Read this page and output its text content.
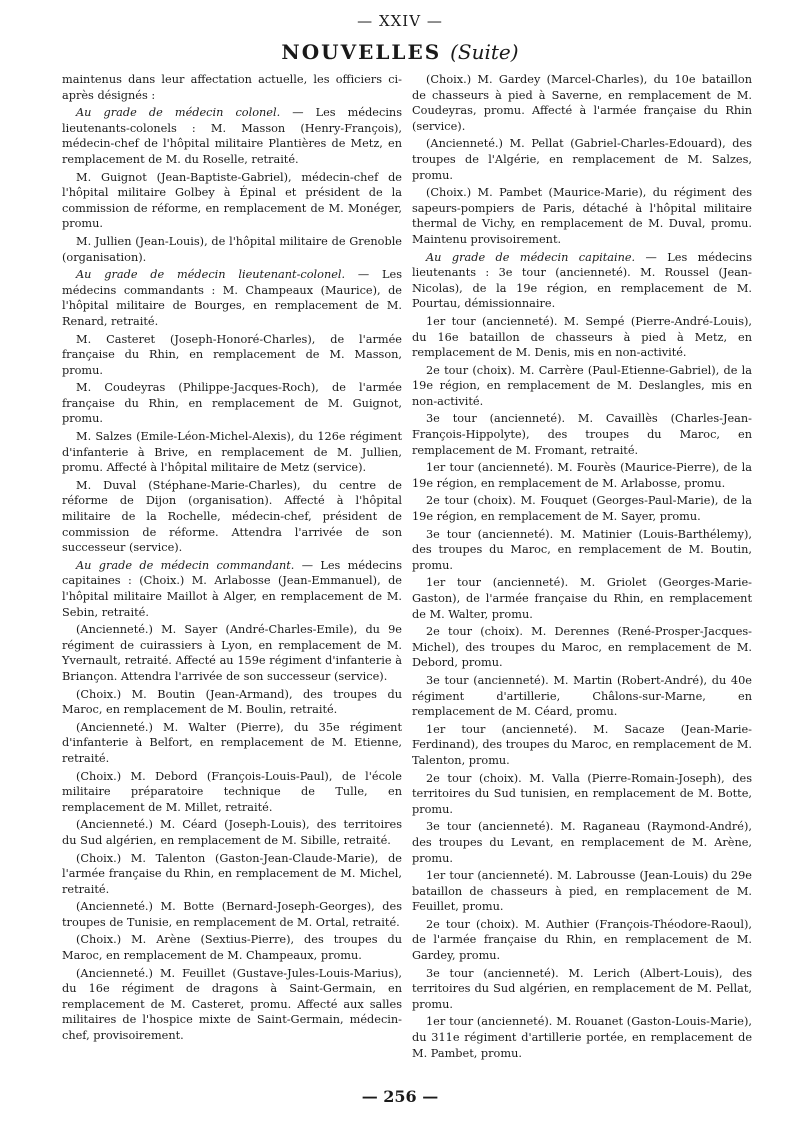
— XXIV —
NOUVELLES (Suite)

maintenus dans leur affectation actuelle, les officiers ci-après désignés :

Au grade de médecin colonel. — Les médecins lieutenants-colonels : M. Masson (Henry-François), médecin-chef de l'hôpital militaire Plantières de Metz, en remplacement de M. du Roselle, retraité.

M. Guignot (Jean-Baptiste-Gabriel), médecin-chef de l'hôpital militaire Golbey à Épinal et président de la commission de réforme, en remplacement de M. Monéger, promu.

M. Jullien (Jean-Louis), de l'hôpital militaire de Grenoble (organisation).

Au grade de médecin lieutenant-colonel. — Les médecins commandants : M. Champeaux (Maurice), de l'hôpital militaire de Bourges, en remplacement de M. Renard, retraité.

M. Casteret (Joseph-Honoré-Charles), de l'armée française du Rhin, en remplacement de M. Masson, promu.

M. Coudeyras (Philippe-Jacques-Roch), de l'armée française du Rhin, en remplacement de M. Guignot, promu.

M. Salzes (Emile-Léon-Michel-Alexis), du 126e régiment d'infanterie à Brive, en remplacement de M. Jullien, promu. Affecté à l'hôpital militaire de Metz (service).

M. Duval (Stéphane-Marie-Charles), du centre de réforme de Dijon (organisation). Affecté à l'hôpital militaire de la Rochelle, médecin-chef, président de commission de réforme. Attendra l'arrivée de son successeur (service).

Au grade de médecin commandant. — Les médecins capitaines : (Choix.) M. Arlabosse (Jean-Emmanuel), de l'hôpital militaire Maillot à Alger, en remplacement de M. Sebin, retraité.

(Ancienneté.) M. Sayer (André-Charles-Emile), du 9e régiment de cuirassiers à Lyon, en remplacement de M. Yvernault, retraité. Affecté au 159e régiment d'infanterie à Briançon. Attendra l'arrivée de son successeur (service).

(Choix.) M. Boutin (Jean-Armand), des troupes du Maroc, en remplacement de M. Boulin, retraité.

(Ancienneté.) M. Walter (Pierre), du 35e régiment d'infanterie à Belfort, en remplacement de M. Etienne, retraité.

(Choix.) M. Debord (François-Louis-Paul), de l'école militaire préparatoire technique de Tulle, en remplacement de M. Millet, retraité.

(Ancienneté.) M. Céard (Joseph-Louis), des territoires du Sud algérien, en remplacement de M. Sibille, retraité.

(Choix.) M. Talenton (Gaston-Jean-Claude-Marie), de l'armée française du Rhin, en remplacement de M. Michel, retraité.

(Ancienneté.) M. Botte (Bernard-Joseph-Georges), des troupes de Tunisie, en remplacement de M. Ortal, retraité.

(Choix.) M. Arène (Sextius-Pierre), des troupes du Maroc, en remplacement de M. Champeaux, promu.

(Ancienneté.) M. Feuillet (Gustave-Jules-Louis-Marius), du 16e régiment de dragons à Saint-Germain, en remplacement de M. Casteret, promu. Affecté aux salles militaires de l'hospice mixte de Saint-Germain, médecin-chef, provisoirement.

(Choix.) M. Gardey (Marcel-Charles), du 10e bataillon de chasseurs à pied à Saverne, en remplacement de M. Coudeyras, promu. Affecté à l'armée française du Rhin (service).

(Ancienneté.) M. Pellat (Gabriel-Charles-Edouard), des troupes de l'Algérie, en remplacement de M. Salzes, promu.

(Choix.) M. Pambet (Maurice-Marie), du régiment des sapeurs-pompiers de Paris, détaché à l'hôpital militaire thermal de Vichy, en remplacement de M. Duval, promu. Maintenu provisoirement.

Au grade de médecin capitaine. — Les médecins lieutenants : 3e tour (ancienneté). M. Roussel (Jean-Nicolas), de la 19e région, en remplacement de M. Pourtau, démissionnaire.

1er tour (ancienneté). M. Sempé (Pierre-André-Louis), du 16e bataillon de chasseurs à pied à Metz, en remplacement de M. Denis, mis en non-activité.

2e tour (choix). M. Carrère (Paul-Etienne-Gabriel), de la 19e région, en remplacement de M. Deslangles, mis en non-activité.

3e tour (ancienneté). M. Cavaillès (Charles-Jean-François-Hippolyte), des troupes du Maroc, en remplacement de M. Fromant, retraité.

1er tour (ancienneté). M. Fourès (Maurice-Pierre), de la 19e région, en remplacement de M. Arlabosse, promu.

2e tour (choix). M. Fouquet (Georges-Paul-Marie), de la 19e région, en remplacement de M. Sayer, promu.

3e tour (ancienneté). M. Matinier (Louis-Barthélemy), des troupes du Maroc, en remplacement de M. Boutin, promu.

1er tour (ancienneté). M. Griolet (Georges-Marie-Gaston), de l'armée française du Rhin, en remplacement de M. Walter, promu.

2e tour (choix). M. Derennes (René-Prosper-Jacques-Michel), des troupes du Maroc, en remplacement de M. Debord, promu.

3e tour (ancienneté). M. Martin (Robert-André), du 40e régiment d'artillerie, Châlons-sur-Marne, en remplacement de M. Céard, promu.

1er tour (ancienneté). M. Sacaze (Jean-Marie-Ferdinand), des troupes du Maroc, en remplacement de M. Talenton, promu.

2e tour (choix). M. Valla (Pierre-Romain-Joseph), des territoires du Sud tunisien, en remplacement de M. Botte, promu.

3e tour (ancienneté). M. Raganeau (Raymond-André), des troupes du Levant, en remplacement de M. Arène, promu.

1er tour (ancienneté). M. Labrousse (Jean-Louis) du 29e bataillon de chasseurs à pied, en remplacement de M. Feuillet, promu.

2e tour (choix). M. Authier (François-Théodore-Raoul), de l'armée française du Rhin, en remplacement de M. Gardey, promu.

3e tour (ancienneté). M. Lerich (Albert-Louis), des territoires du Sud algérien, en remplacement de M. Pellat, promu.

1er tour (ancienneté). M. Rouanet (Gaston-Louis-Marie), du 311e régiment d'artillerie portée, en remplacement de M. Pambet, promu.

— 256 —
